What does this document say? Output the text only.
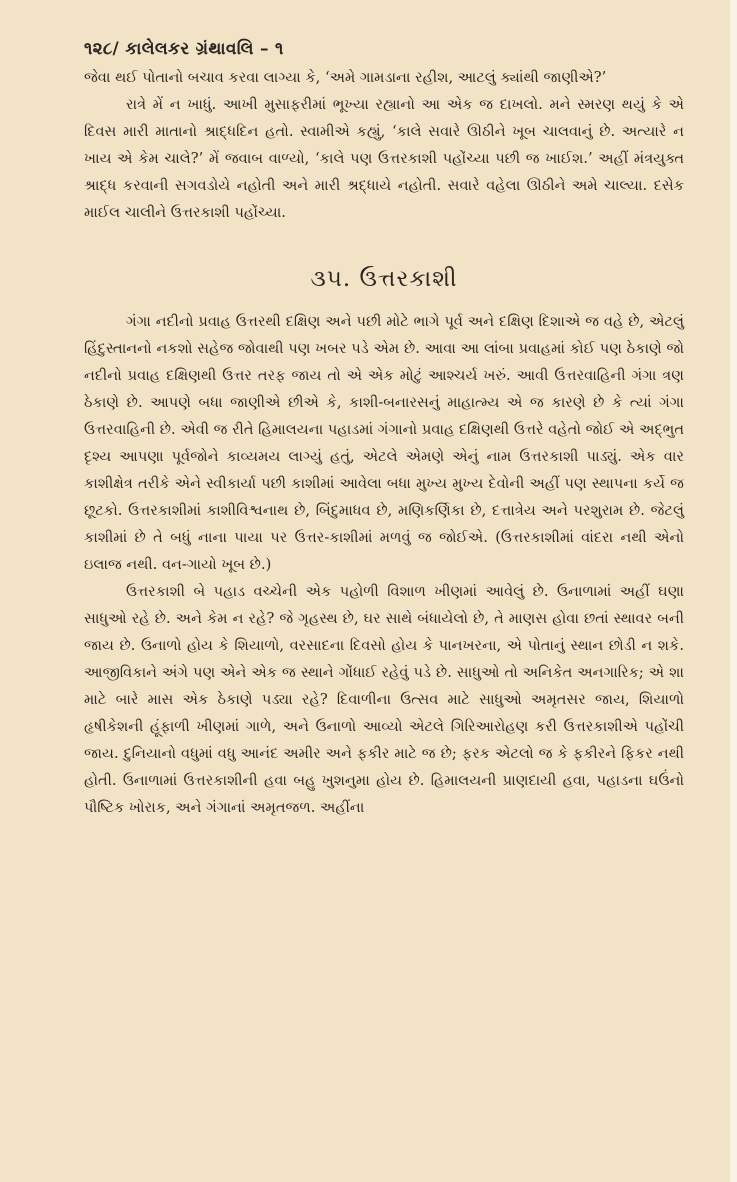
૧૨૮/ કાલેલકર ગ્રંથાવલિ – ૧

જેવા થઈ પોતાનો બચાવ કરવા લાગ્યા કે, ‘અમે ગામડાના રહીશ, આટલું ક્યાંથી જાણીએ?’

રાત્રે મેં ન ખાધું. આખી મુસાફરીમાં ભૂખ્યા રહ્યાનો આ એક જ દાખલો. મને સ્મરણ થયું કે એ દિવસ મારી માતાનો શ્રાદ્ધદિન હતો. સ્વામીએ કહ્યું, ‘કાલે સવારે ઊઠીને ખૂબ ચાલવાનું છે. અત્યારે ન ખાય એ કેમ ચાલે?’ મેં જવાબ વાળ્યો, ‘કાલે પણ ઉત્તરકાશી પહોંચ્યા પછી જ ખાઈશ.’ અહીં મંત્રયુક્ત શ્રાદ્ધ કરવાની સગવડોયે નહોતી અને મારી શ્રદ્ધાયે નહોતી. સવારે વહેલા ઊઠીને અમે ચાલ્યા. દસેક માઈલ ચાલીને ઉત્તરકાશી પહોંચ્યા.

૩૫. ઉત્તરકાશી

ગંગા નદીનો પ્રવાહ ઉત્તરથી દક્ષિણ અને પછી મોટે ભાગે પૂર્વ અને દક્ષિણ દિશાએ જ વહે છે, એટલું હિંદુસ્તાનનો નકશો સહેજ જોવાથી પણ ખબર પડે એમ છે. આવા આ લાંબા પ્રવાહમાં કોઈ પણ ઠેકાણે જો નદીનો પ્રવાહ દક્ષિણથી ઉત્તર તરફ જાય તો એ એક મોટું આશ્ચર્ય ખરું. આવી ઉત્તરવાહિની ગંગા ત્રણ ઠેકાણે છે. આપણે બધા જાણીએ છીએ કે, કાશી-બનારસનું માહાત્મ્ય એ જ કારણે છે કે ત્યાં ગંગા ઉત્તરવાહિની છે. એવી જ રીતે હિમાલયના પહાડમાં ગંગાનો પ્રવાહ દક્ષિણથી ઉત્તરે વહેતો જોઈ એ અદ્ભુત દૃશ્ય આપણા પૂર્વજોને કાવ્યમય લાગ્યું હતું, એટલે એમણે એનું નામ ઉત્તરકાશી પાડ્યું. એક વાર કાશીક્ષેત્ર તરીકે એને સ્વીકાર્યા પછી કાશીમાં આવેલા બધા મુખ્ય મુખ્ય દેવોની અહીં પણ સ્થાપના કર્યે જ છૂટકો. ઉત્તરકાશીમાં કાશીવિશ્વનાથ છે, બિંદુમાધવ છે, મણિકર્ણિકા છે, દત્તાત્રેય અને પરશુરામ છે. જેટલું કાશીમાં છે તે બધું નાના પાયા પર ઉત્તર-કાશીમાં મળવું જ જોઈએ. (ઉત્તરકાશીમાં વાંદરા નથી એનો ઇલાજ નથી. વન-ગાયો ખૂબ છે.)

ઉત્તરકાશી બે પહાડ વચ્ચેની એક પહોળી વિશાળ ખીણમાં આવેલું છે. ઉનાળામાં અહીં ઘણા સાધુઓ રહે છે. અને કેમ ન રહે? જે ગૃહસ્થ છે, ઘર સાથે બંધાયેલો છે, તે માણસ હોવા છતાં સ્થાવર બની જાય છે. ઉનાળો હોય કે શિયાળો, વરસાદના દિવસો હોય કે પાનખરના, એ પોતાનું સ્થાન છોડી ન શકે. આજીવિકાને અંગે પણ એને એક જ સ્થાને ગોંધાઈ રહેવું પડે છે. સાધુઓ તો અનિકેત અનગારિક; એ શા માટે બારે માસ એક ઠેકાણે પડ્યા રહે? દિવાળીના ઉત્સવ માટે સાધુઓ અમૃતસર જાય, શિયાળો હૃષીકેશની હૂંફાળી ખીણમાં ગાળે, અને ઉનાળો આવ્યો એટલે ગિરિઆરોહણ કરી ઉત્તરકાશીએ પહોંચી જાય. દુનિયાનો વધુમાં વધુ આનંદ અમીર અને ફકીર માટે જ છે; ફરક એટલો જ કે ફકીરને ફિકર નથી હોતી. ઉનાળામાં ઉત્તરકાશીની હવા બહુ ખુશનુમા હોય છે. હિમાલયની પ્રાણદાયી હવા, પહાડના ઘઉંનો પૌષ્ટિક ખોરાક, અને ગંગાનાં અમૃતજળ. અહીંના
